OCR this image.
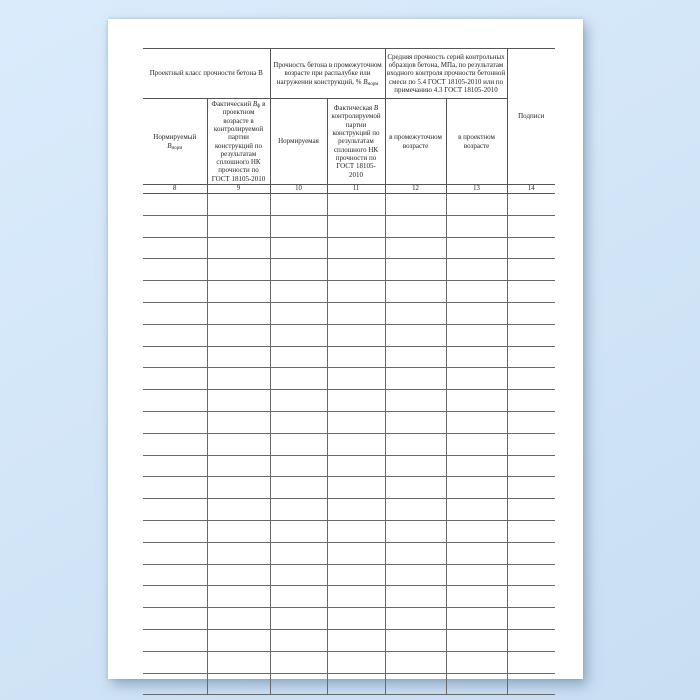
Проектный класс прочности бетона В		Прочность бетона в промежуточном возрасте при распалубке или нагружении конструкций, % $В_{норм}$		Средняя прочность серий контрольных образцов бетона, МПа, по результатам входного контроля прочности бетонной смеси по 5.4 ГОСТ 18105-2010 или по примечанию 4.3 ГОСТ 18105-2010		Подписи
Нормируемый $В_{норм}$	Фактический $В_ф$ в проектном возрасте в контролируемой партии конструкций по результатам сплошного НК прочности по ГОСТ 18105-2010	Нормируемая	Фактическая В контролируемой партии конструкций по результатам сплошного НК прочности по ГОСТ 18105-2010	в промежуточном возрасте	в проектном возрасте	
8	9	10	11	12	13	14
